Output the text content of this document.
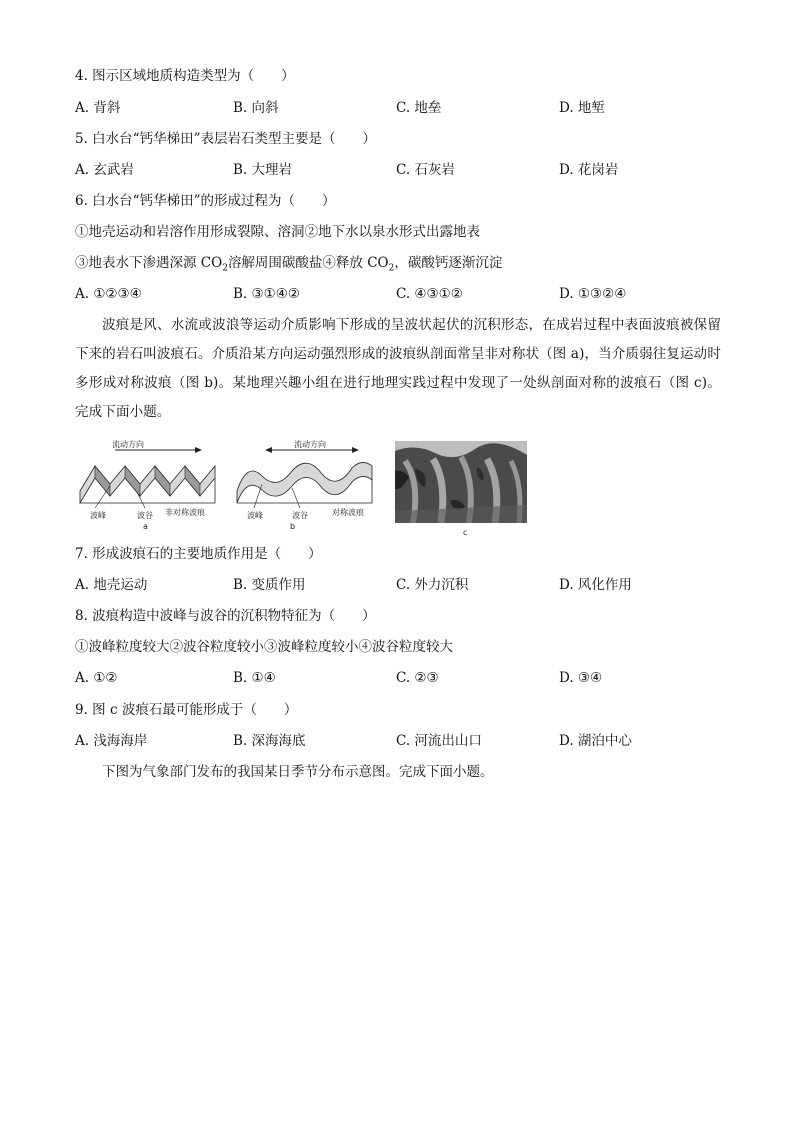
4. 图示区域地质构造类型为（　　）
A. 背斜	B. 向斜	C. 地垒	D. 地堑
5. 白水台“钙华梯田”表层岩石类型主要是（　　）
A. 玄武岩	B. 大理岩	C. 石灰岩	D. 花岗岩
6. 白水台“钙华梯田”的形成过程为（　　）
①地壳运动和岩溶作用形成裂隙、溶洞②地下水以泉水形式出露地表
③地表水下渗遇深源 $CO_2$溶解周围碳酸盐④释放 $CO_2$，碳酸钙逐渐沉淀
A. ①②③④	B. ③①④②	C. ④③①②	D. ①③②④
波痕是风、水流或波浪等运动介质影响下形成的呈波状起伏的沉积形态，在成岩过程中表面波痕被保留下来的岩石叫波痕石。介质沿某方向运动强烈形成的波痕纵剖面常呈非对称状（图 a)，当介质弱往复运动时多形成对称波痕（图 b)。某地理兴趣小组在进行地理实践过程中发现了一处纵剖面对称的波痕石（图 c)。完成下面小题。
流动方向
波峰	波谷 非对称波痕
a
流动方向
波峰	波谷	对称波痕
b
c
7. 形成波痕石的主要地质作用是（　　）
A. 地壳运动	B. 变质作用	C. 外力沉积	D. 风化作用
8. 波痕构造中波峰与波谷的沉积物特征为（　　）
①波峰粒度较大②波谷粒度较小③波峰粒度较小④波谷粒度较大
A. ①②	B. ①④	C. ②③	D. ③④
9. 图 c 波痕石最可能形成于（　　）
A. 浅海海岸	B. 深海海底	C. 河流出山口	D. 湖泊中心
下图为气象部门发布的我国某日季节分布示意图。完成下面小题。
